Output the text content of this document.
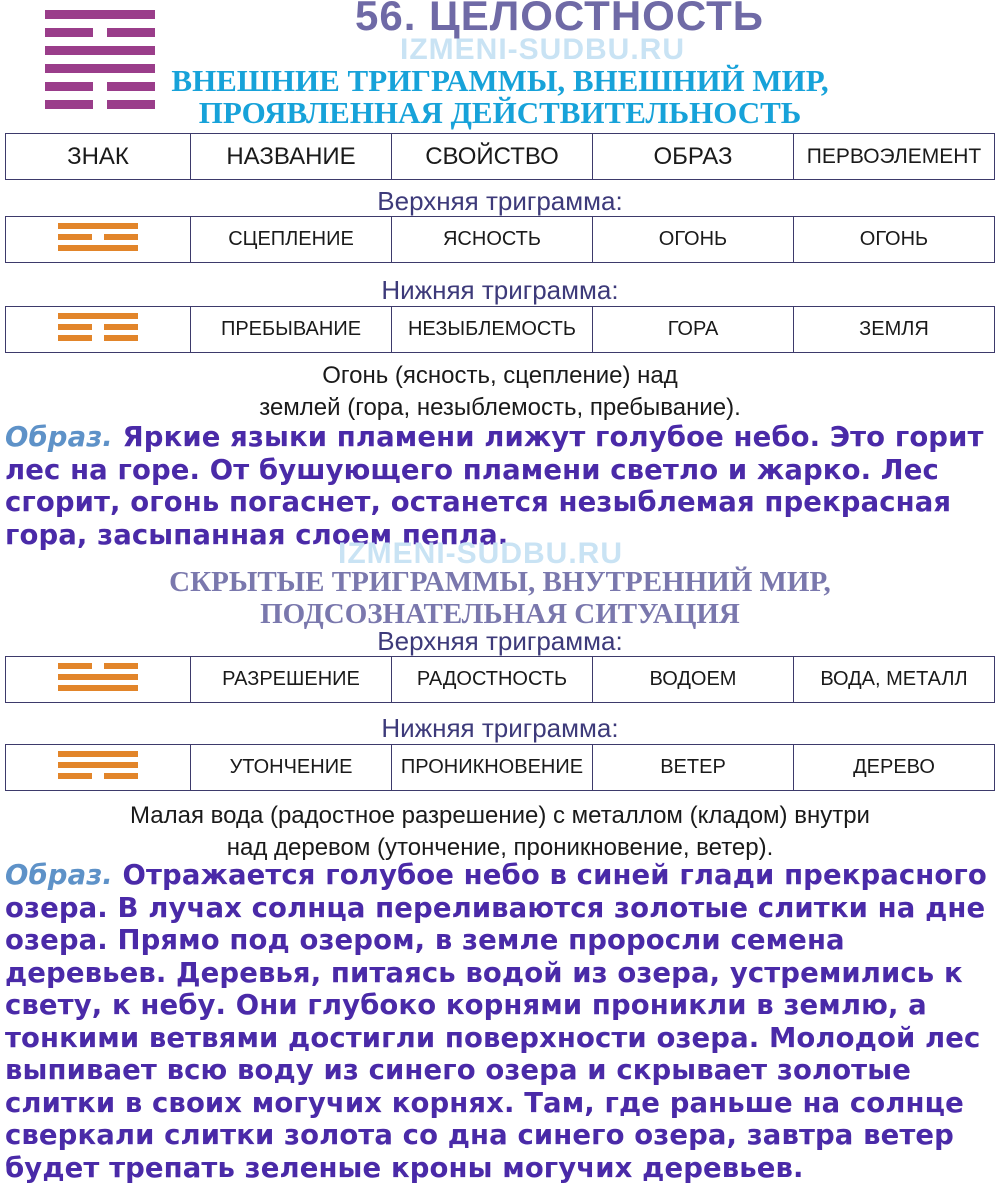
56. ЦЕЛОСТНОСТЬ
IZMENI-SUDBU.RU
ВНЕШНИЕ ТРИГРАММЫ, ВНЕШНИЙ МИР,
ПРОЯВЛЕННАЯ ДЕЙСТВИТЕЛЬНОСТЬ
ЗНАК	НАЗВАНИЕ	СВОЙСТВО	ОБРАЗ	ПЕРВОЭЛЕМЕНТ
Верхняя триграмма:
	СЦЕПЛЕНИЕ	ЯСНОСТЬ	ОГОНЬ	ОГОНЬ
Нижняя триграмма:
	ПРЕБЫВАНИЕ	НЕЗЫБЛЕМОСТЬ	ГОРА	ЗЕМЛЯ
Огонь (ясность, сцепление) над
землей (гора, незыблемость, пребывание).
Образ. Яркие языки пламени лижут голубое небо. Это горит
лес на горе. От бушующего пламени светло и жарко. Лес
сгорит, огонь погаснет, останется незыблемая прекрасная
гора, засыпанная слоем пепла.
IZMENI-SUDBU.RU
СКРЫТЫЕ ТРИГРАММЫ, ВНУТРЕННИЙ МИР,
ПОДСОЗНАТЕЛЬНАЯ СИТУАЦИЯ
Верхняя триграмма:
	РАЗРЕШЕНИЕ	РАДОСТНОСТЬ	ВОДОЕМ	ВОДА, МЕТАЛЛ
Нижняя триграмма:
	УТОНЧЕНИЕ	ПРОНИКНОВЕНИЕ	ВЕТЕР	ДЕРЕВО
Малая вода (радостное разрешение) с металлом (кладом) внутри
над деревом (утончение, проникновение, ветер).
Образ. Отражается голубое небо в синей глади прекрасного
озера. В лучах солнца переливаются золотые слитки на дне
озера. Прямо под озером, в земле проросли семена
деревьев. Деревья, питаясь водой из озера, устремились к
свету, к небу. Они глубоко корнями проникли в землю, а
тонкими ветвями достигли поверхности озера. Молодой лес
выпивает всю воду из синего озера и скрывает золотые
слитки в своих могучих корнях. Там, где раньше на солнце
сверкали слитки золота со дна синего озера, завтра ветер
будет трепать зеленые кроны могучих деревьев.
